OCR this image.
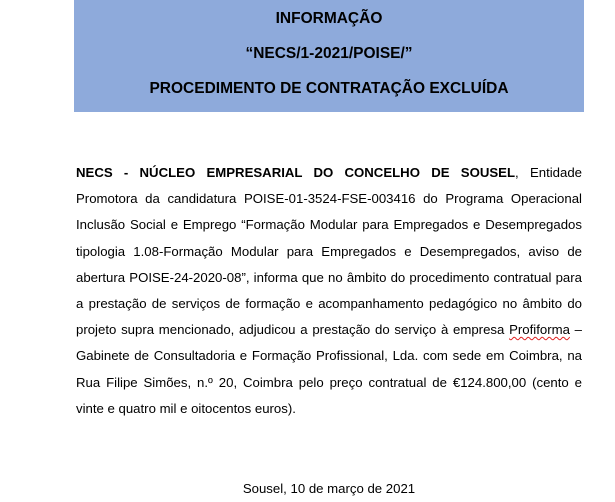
INFORMAÇÃO
“NECS/1-2021/POISE/”
PROCEDIMENTO DE CONTRATAÇÃO EXCLUÍDA

NECS - NÚCLEO EMPRESARIAL DO CONCELHO DE SOUSEL, Entidade Promotora da candidatura POISE-01-3524-FSE-003416 do Programa Operacional Inclusão Social e Emprego “Formação Modular para Empregados e Desempregados tipologia 1.08-Formação Modular para Empregados e Desempregados, aviso de abertura POISE-24-2020-08”, informa que no âmbito do procedimento contratual para a prestação de serviços de formação e acompanhamento pedagógico no âmbito do projeto supra mencionado, adjudicou a prestação do serviço à empresa Profiforma – Gabinete de Consultadoria e Formação Profissional, Lda. com sede em Coimbra, na Rua Filipe Simões, n.º 20, Coimbra pelo preço contratual de €124.800,00 (cento e vinte e quatro mil e oitocentos euros).

Sousel, 10 de março de 2021
